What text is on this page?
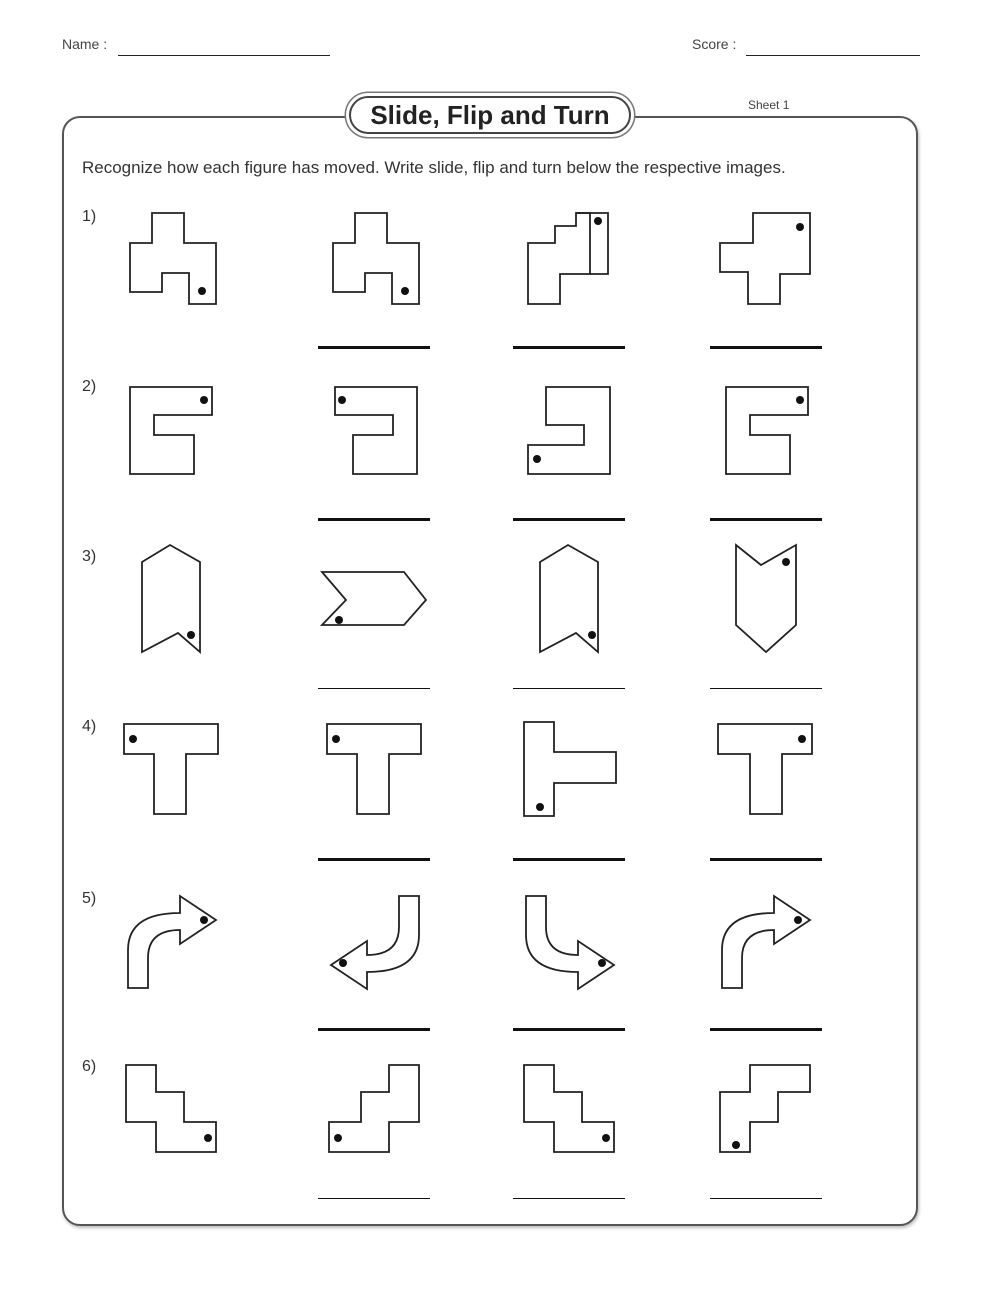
Name :	Score :
Slide, Flip and Turn	Sheet 1
Recognize how each figure has moved. Write slide, flip and turn below the respective images.
1)
2)
3)
4)
5)
6)
